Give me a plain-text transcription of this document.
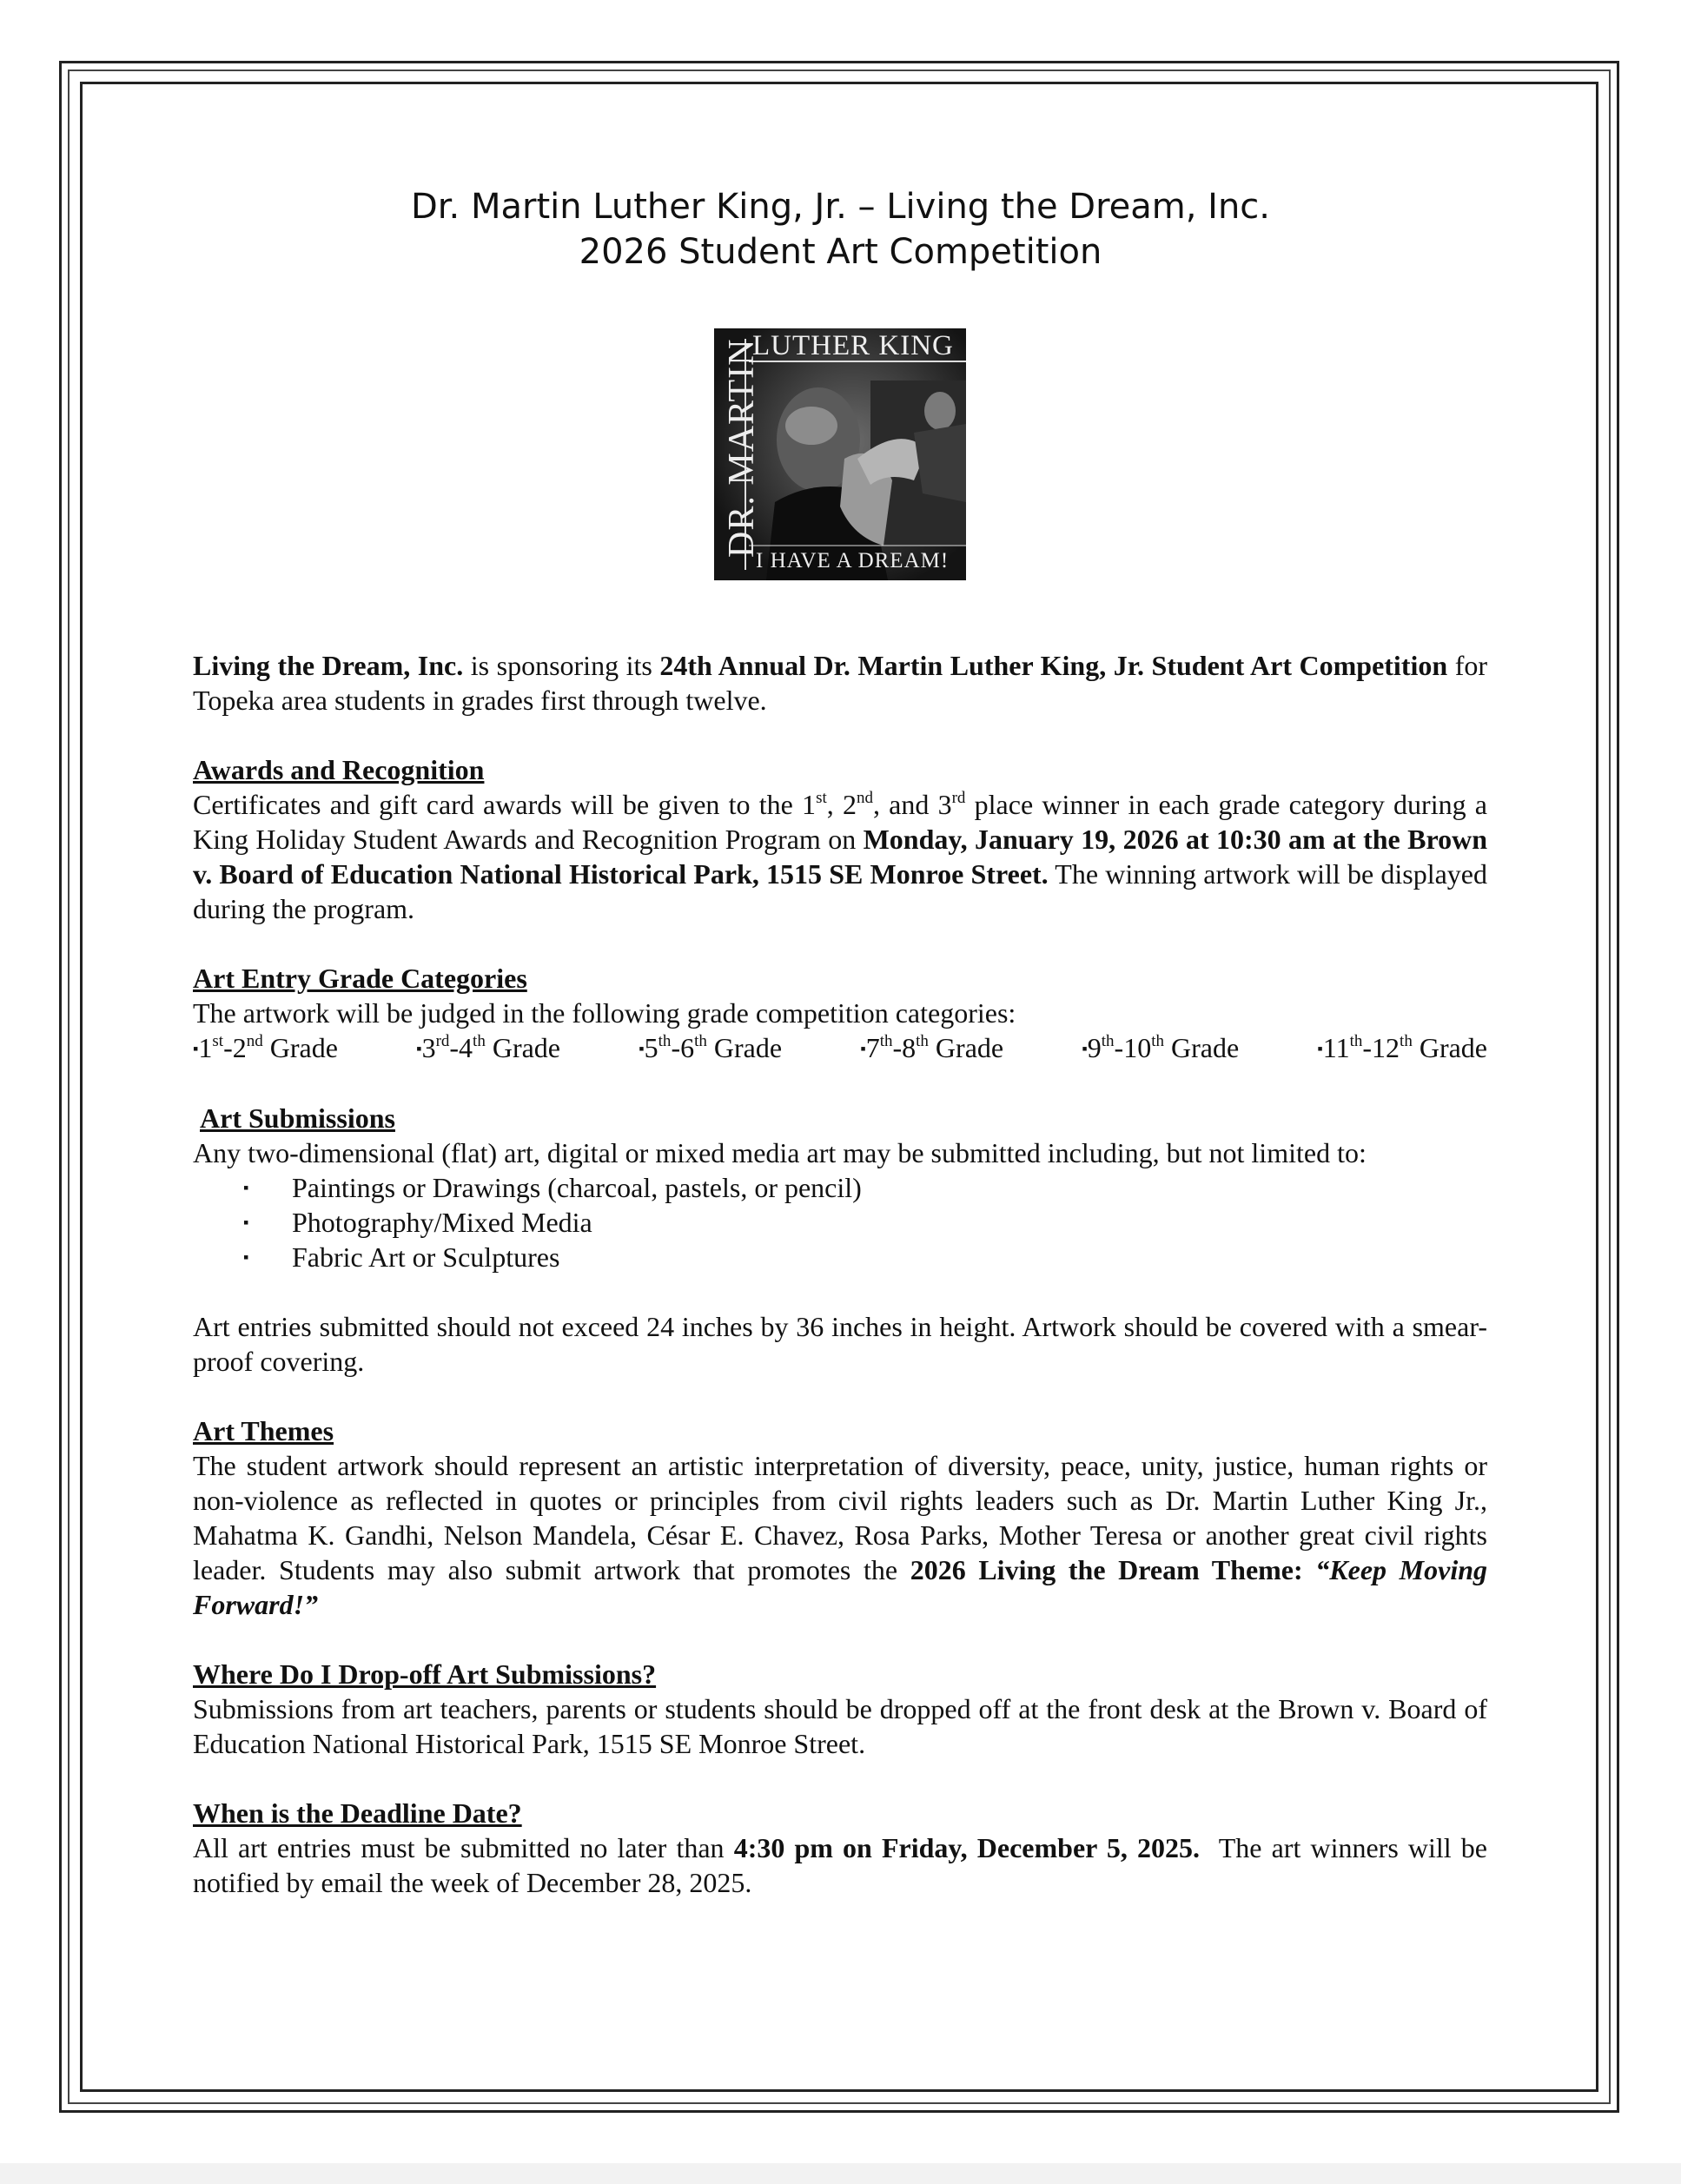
Dr. Martin Luther King, Jr. – Living the Dream, Inc.
2026 Student Art Competition
LUTHER KING
DR. MARTIN
I HAVE A DREAM!

Living the Dream, Inc. is sponsoring its 24th Annual Dr. Martin Luther King, Jr. Student Art Competition for Topeka area students in grades first through twelve.

Awards and Recognition
Certificates and gift card awards will be given to the 1st, 2nd, and 3rd place winner in each grade category during a King Holiday Student Awards and Recognition Program on Monday, January 19, 2026 at 10:30 am at the Brown v. Board of Education National Historical Park, 1515 SE Monroe Street. The winning artwork will be displayed during the program.
Art Entry Grade Categories
The artwork will be judged in the following grade competition categories:
▪1st-2nd Grade	▪3rd-4th Grade	▪5th-6th Grade	▪7th-8th Grade	▪9th-10th Grade	▪11th-12th Grade
Art Submissions
Any two-dimensional (flat) art, digital or mixed media art may be submitted including, but not limited to:
▪ Paintings or Drawings (charcoal, pastels, or pencil)
▪ Photography/Mixed Media
▪ Fabric Art or Sculptures
Art entries submitted should not exceed 24 inches by 36 inches in height. Artwork should be covered with a smear-proof covering.
Art Themes
The student artwork should represent an artistic interpretation of diversity, peace, unity, justice, human rights or non-violence as reflected in quotes or principles from civil rights leaders such as Dr. Martin Luther King Jr., Mahatma K. Gandhi, Nelson Mandela, César E. Chavez, Rosa Parks, Mother Teresa or another great civil rights leader. Students may also submit artwork that promotes the 2026 Living the Dream Theme: “Keep Moving Forward!”
Where Do I Drop-off Art Submissions?
Submissions from art teachers, parents or students should be dropped off at the front desk at the Brown v. Board of Education National Historical Park, 1515 SE Monroe Street.
When is the Deadline Date?
All art entries must be submitted no later than 4:30 pm on Friday, December 5, 2025.  The art winners will be notified by email the week of December 28, 2025.
